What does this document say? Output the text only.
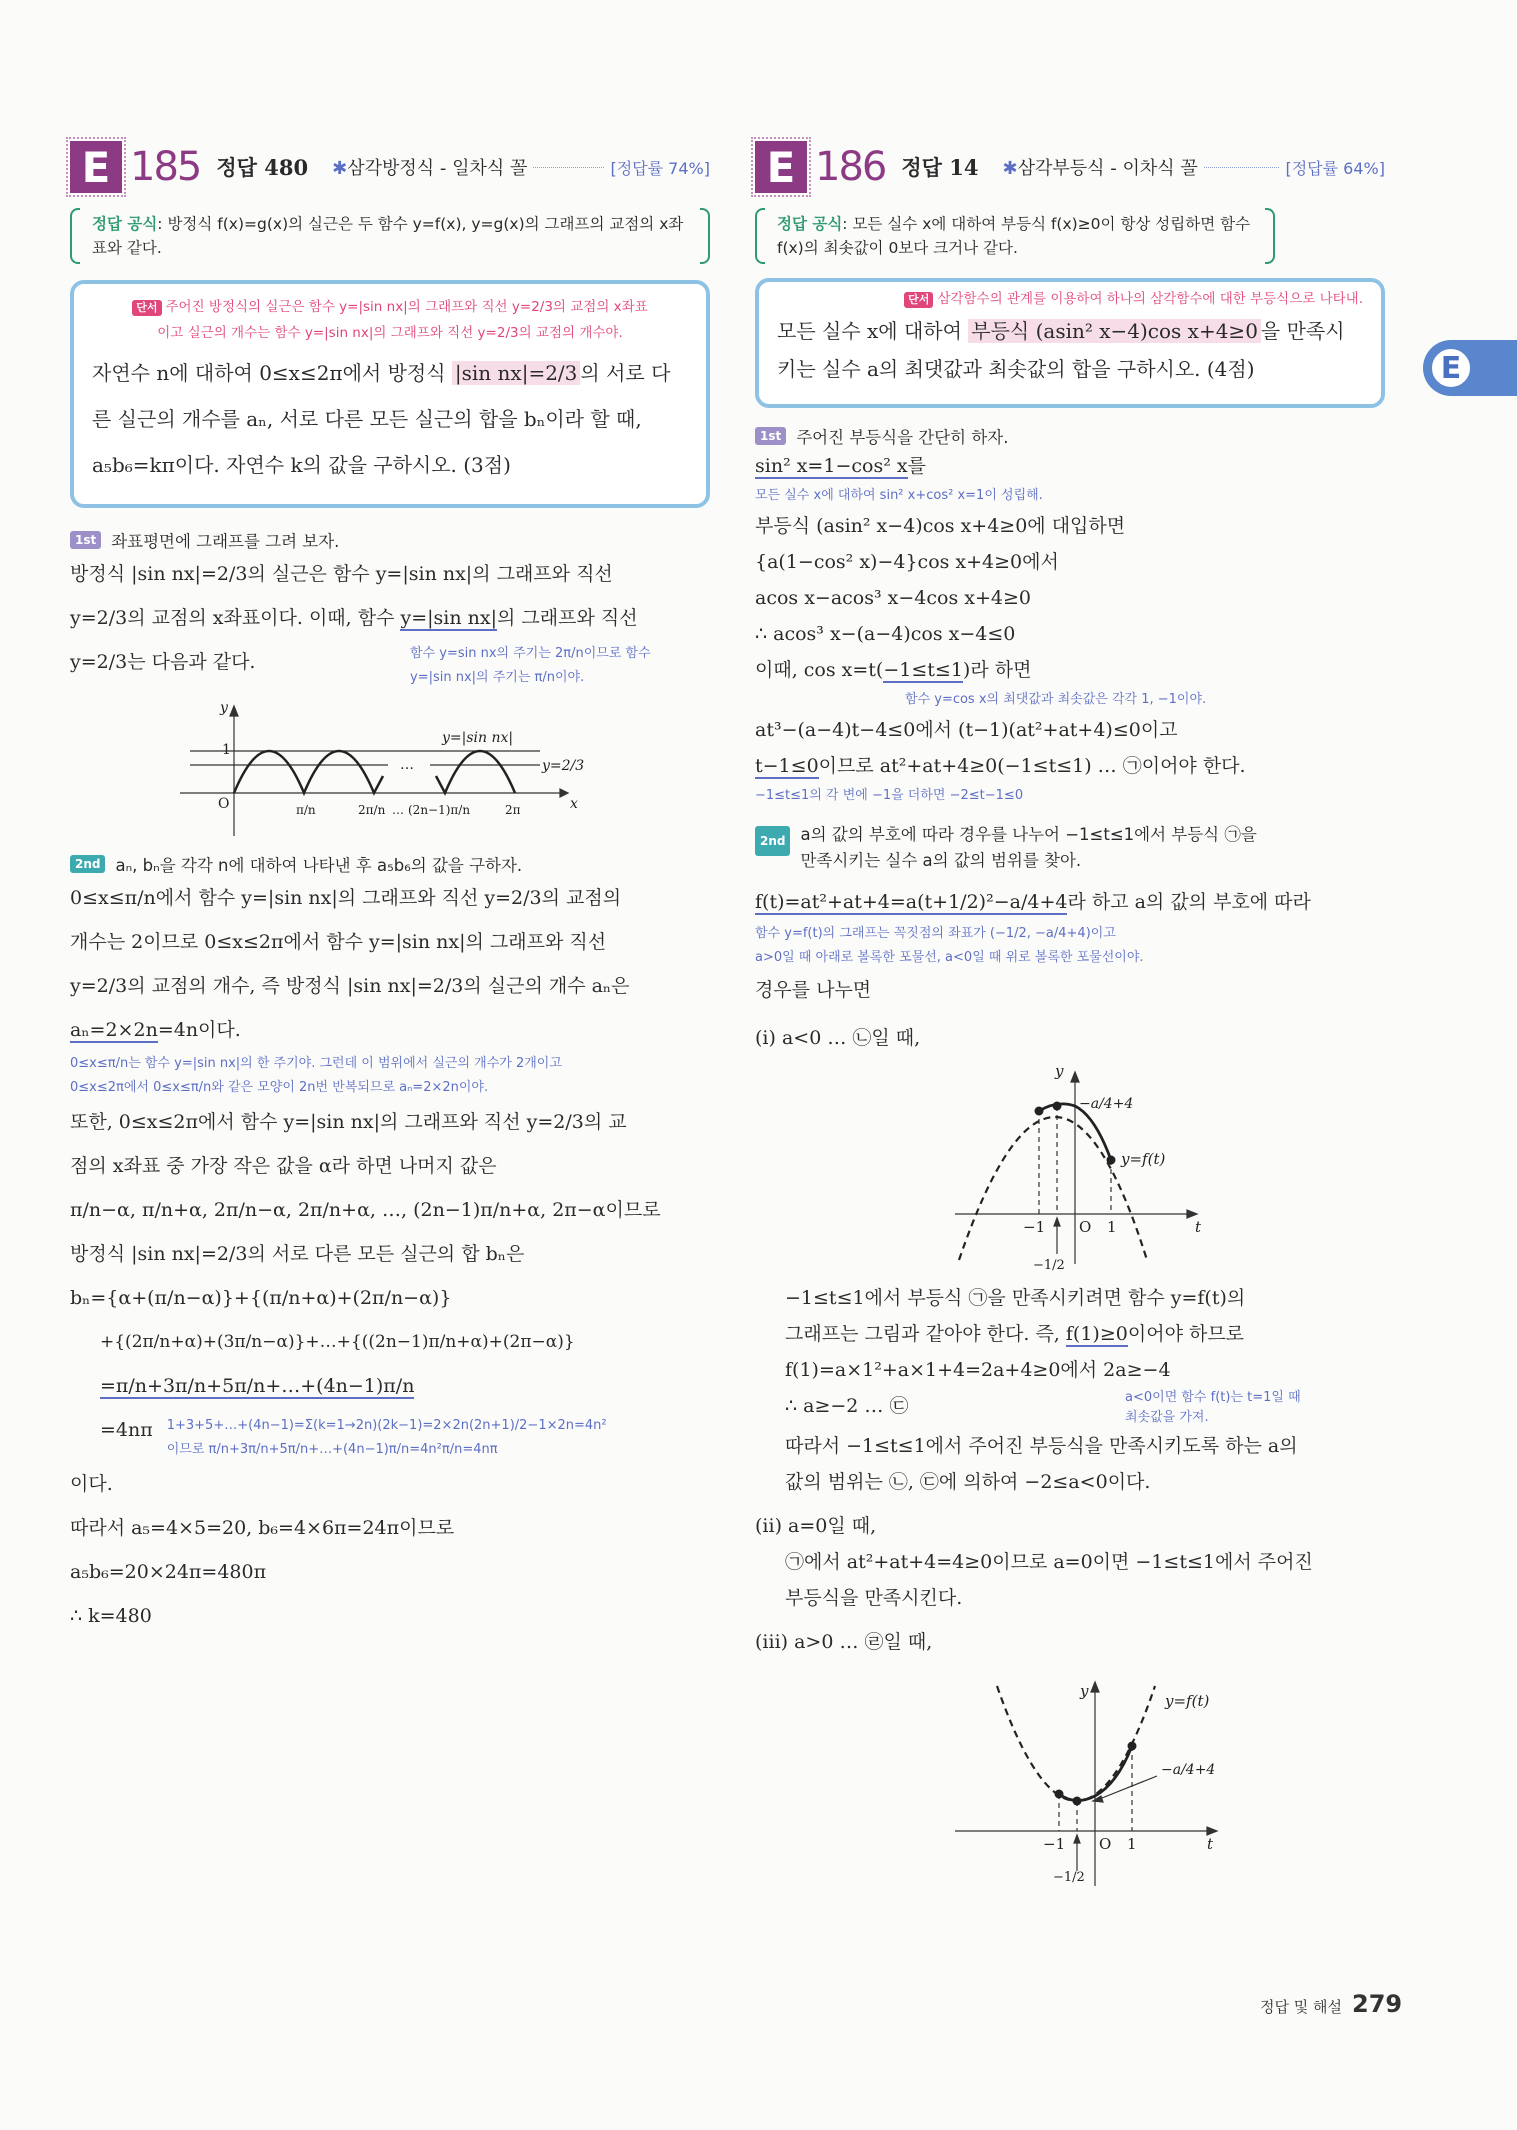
E
E 185 정답 480 ✱삼각방정식 - 일차식 꼴	[정답률 74%]
정답 공식: 방정식 f(x)=g(x)의 실근은 두 함수 y=f(x), y=g(x)의 그래프의 교점의 x좌표와 같다.
단서 주어진 방정식의 실근은 함수 y=|sin nx|의 그래프와 직선 y=2/3의 교점의 x좌표
이고 실근의 개수는 함수 y=|sin nx|의 그래프와 직선 y=2/3의 교점의 개수야.
자연수 n에 대하여 0≤x≤2π에서 방정식 |sin nx|=2/3 의 서로 다른 실근의 개수를 aₙ, 서로 다른 모든 실근의 합을 bₙ이라 할 때, a₅b₆=kπ이다. 자연수 k의 값을 구하시오. (3점)
1st 좌표평면에 그래프를 그려 보자.
방정식 |sin nx|=2/3의 실근은 함수 y=|sin nx|의 그래프와 직선
y=2/3의 교점의 x좌표이다. 이때, 함수 y=|sin nx|의 그래프와 직선
y=2/3는 다음과 같다.	함수 y=sin nx의 주기는 2π/n이므로 함수
y=|sin nx|의 주기는 π/n이야.
y
x
O
1
y=|sin nx|
y=2/3
…
π/n	2π/n … (2n−1)π/n	2π
2nd aₙ, bₙ을 각각 n에 대하여 나타낸 후 a₅b₆의 값을 구하자.
0≤x≤π/n에서 함수 y=|sin nx|의 그래프와 직선 y=2/3의 교점의
개수는 2이므로 0≤x≤2π에서 함수 y=|sin nx|의 그래프와 직선
y=2/3의 교점의 개수, 즉 방정식 |sin nx|=2/3의 실근의 개수 aₙ은
aₙ=2×2n=4n이다.
0≤x≤π/n는 함수 y=|sin nx|의 한 주기야. 그런데 이 범위에서 실근의 개수가 2개이고
0≤x≤2π에서 0≤x≤π/n와 같은 모양이 2n번 반복되므로 aₙ=2×2n이야.
또한, 0≤x≤2π에서 함수 y=|sin nx|의 그래프와 직선 y=2/3의 교
점의 x좌표 중 가장 작은 값을 α라 하면 나머지 값은
π/n−α, π/n+α, 2π/n−α, 2π/n+α, …, (2n−1)π/n+α, 2π−α이므로
방정식 |sin nx|=2/3의 서로 다른 모든 실근의 합 bₙ은
bₙ={α+(π/n−α)}+{(π/n+α)+(2π/n−α)}
+{(2π/n+α)+(3π/n−α)}+…+{((2n−1)π/n+α)+(2π−α)}
=π/n+3π/n+5π/n+…+(4n−1)π/n
=4nπ 1+3+5+…+(4n−1)=Σ(k=1→2n)(2k−1)=2×2n(2n+1)/2−1×2n=4n²
이므로 π/n+3π/n+5π/n+…+(4n−1)π/n=4n²π/n=4nπ
이다.
따라서 a₅=4×5=20, b₆=4×6π=24π이므로
a₅b₆=20×24π=480π
∴ k=480
E 186 정답 14 ✱삼각부등식 - 이차식 꼴	[정답률 64%]
정답 공식: 모든 실수 x에 대하여 부등식 f(x)≥0이 항상 성립하면 함수 f(x)의 최솟값이 0보다 크거나 같다.
단서 삼각함수의 관계를 이용하여 하나의 삼각함수에 대한 부등식으로 나타내.
모든 실수 x에 대하여 부등식 (asin² x−4)cos x+4≥0 을 만족시키는 실수 a의 최댓값과 최솟값의 합을 구하시오. (4점)
1st 주어진 부등식을 간단히 하자.
sin² x=1−cos² x를
모든 실수 x에 대하여 sin² x+cos² x=1이 성립해.
부등식 (asin² x−4)cos x+4≥0에 대입하면
{a(1−cos² x)−4}cos x+4≥0에서
acos x−acos³ x−4cos x+4≥0
∴ acos³ x−(a−4)cos x−4≤0
이때, cos x=t(−1≤t≤1)라 하면
함수 y=cos x의 최댓값과 최솟값은 각각 1, −1이야.
at³−(a−4)t−4≤0에서 (t−1)(at²+at+4)≤0이고
t−1≤0이므로 at²+at+4≥0(−1≤t≤1) … ㉠이어야 한다.
−1≤t≤1의 각 변에 −1을 더하면 −2≤t−1≤0
2nd a의 값의 부호에 따라 경우를 나누어 −1≤t≤1에서 부등식 ㉠을
만족시키는 실수 a의 값의 범위를 찾아.
f(t)=at²+at+4=a(t+1/2)²−a/4+4라 하고 a의 값의 부호에 따라
함수 y=f(t)의 그래프는 꼭짓점의 좌표가 (−1/2, −a/4+4)이고
a>0일 때 아래로 볼록한 포물선, a<0일 때 위로 볼록한 포물선이야.
경우를 나누면
(i) a<0 … ㉡일 때,
y
t
O
−1	1
−1/2
−a/4+4
y=f(t)
−1≤t≤1에서 부등식 ㉠을 만족시키려면 함수 y=f(t)의
그래프는 그림과 같아야 한다. 즉, f(1)≥0이어야 하므로
f(1)=a×1²+a×1+4=2a+4≥0에서 2a≥−4
∴ a≥−2 … ㉢	a<0이면 함수 f(t)는 t=1일 때 최솟값을 가져.
따라서 −1≤t≤1에서 주어진 부등식을 만족시키도록 하는 a의
값의 범위는 ㉡, ㉢에 의하여 −2≤a<0이다.
(ii) a=0일 때,
㉠에서 at²+at+4=4≥0이므로 a=0이면 −1≤t≤1에서 주어진
부등식을 만족시킨다.
(iii) a>0 … ㉣일 때,
y
t
O
−1	1
−1/2
−a/4+4
y=f(t)
정답 및 해설 279
